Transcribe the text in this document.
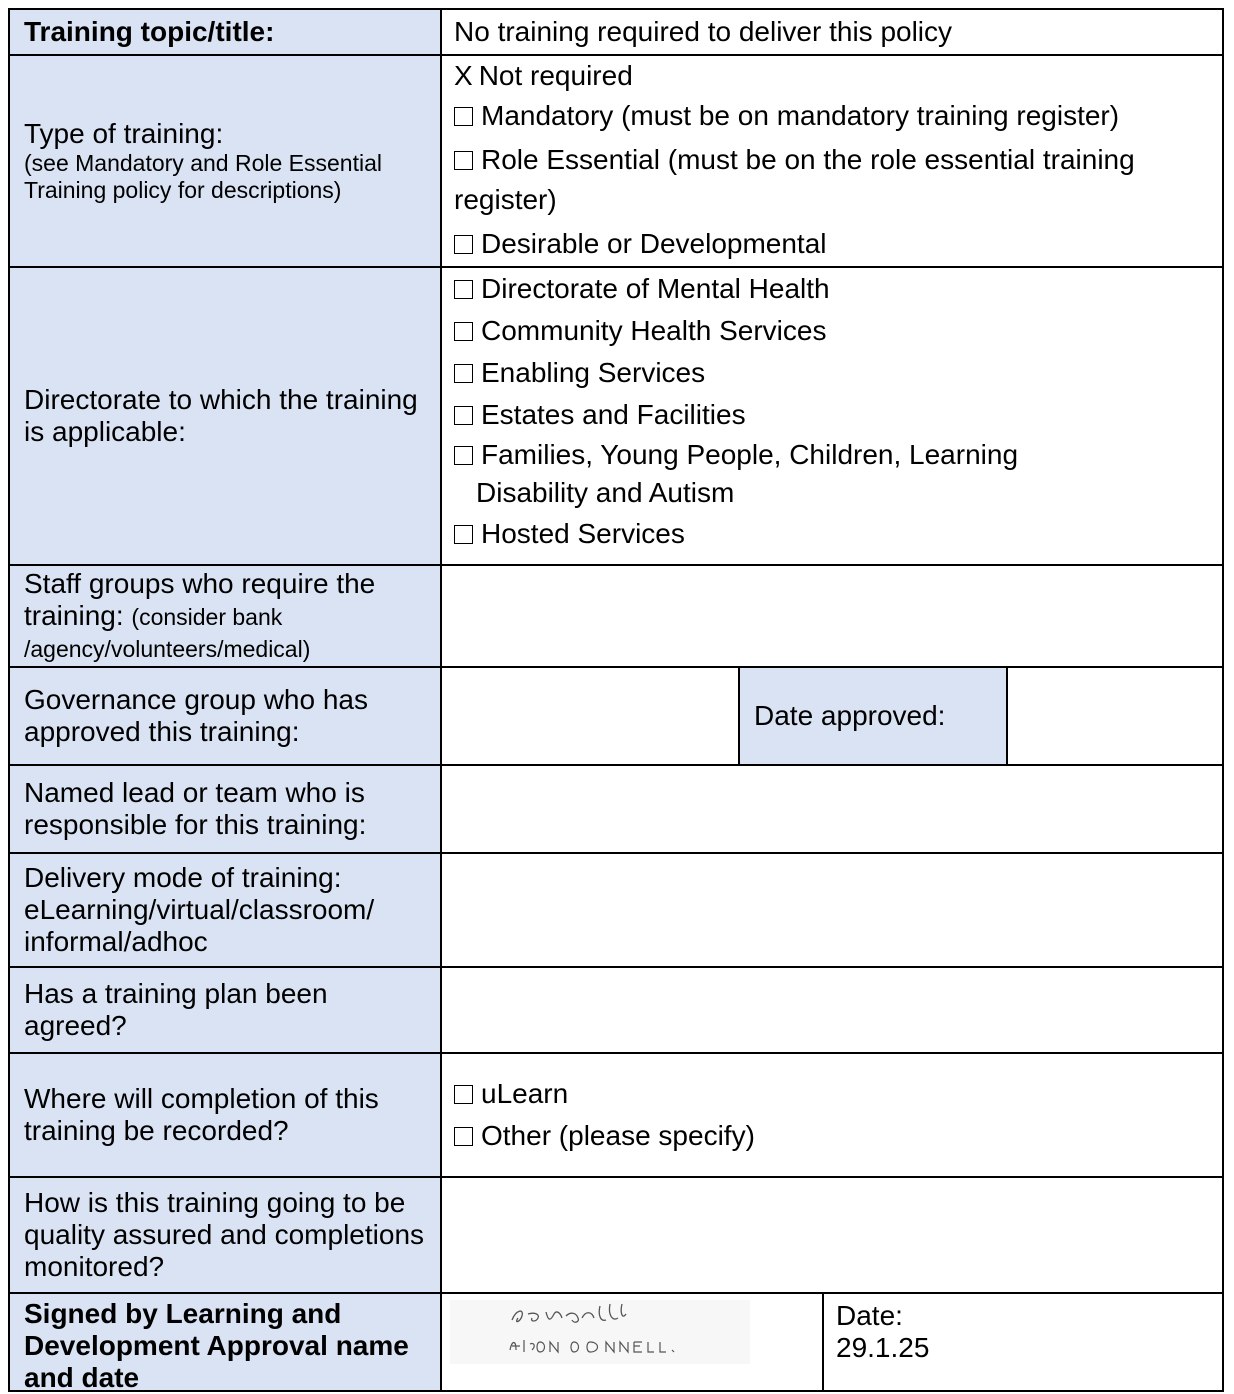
Training topic/title:	No training required to deliver this policy
Type of training:
(see Mandatory and Role Essential Training policy for descriptions)
X Not required
Mandatory (must be on mandatory training register)
Role Essential (must be on the role essential training register)
Desirable or Developmental
Directorate to which the training is applicable:
Directorate of Mental Health
Community Health Services
Enabling Services
Estates and Facilities
Families, Young People, Children, Learning
Disability and Autism
Hosted Services
Staff groups who require the training: (consider bank /agency/volunteers/medical)
Governance group who has approved this training:
Date approved:
Named lead or team who is responsible for this training:
Delivery mode of training: eLearning/virtual/classroom/ informal/adhoc
Has a training plan been agreed?
Where will completion of this training be recorded?
uLearn
Other (please specify)
How is this training going to be quality assured and completions monitored?
Signed by Learning and Development Approval name and date
Date:
29.1.25
